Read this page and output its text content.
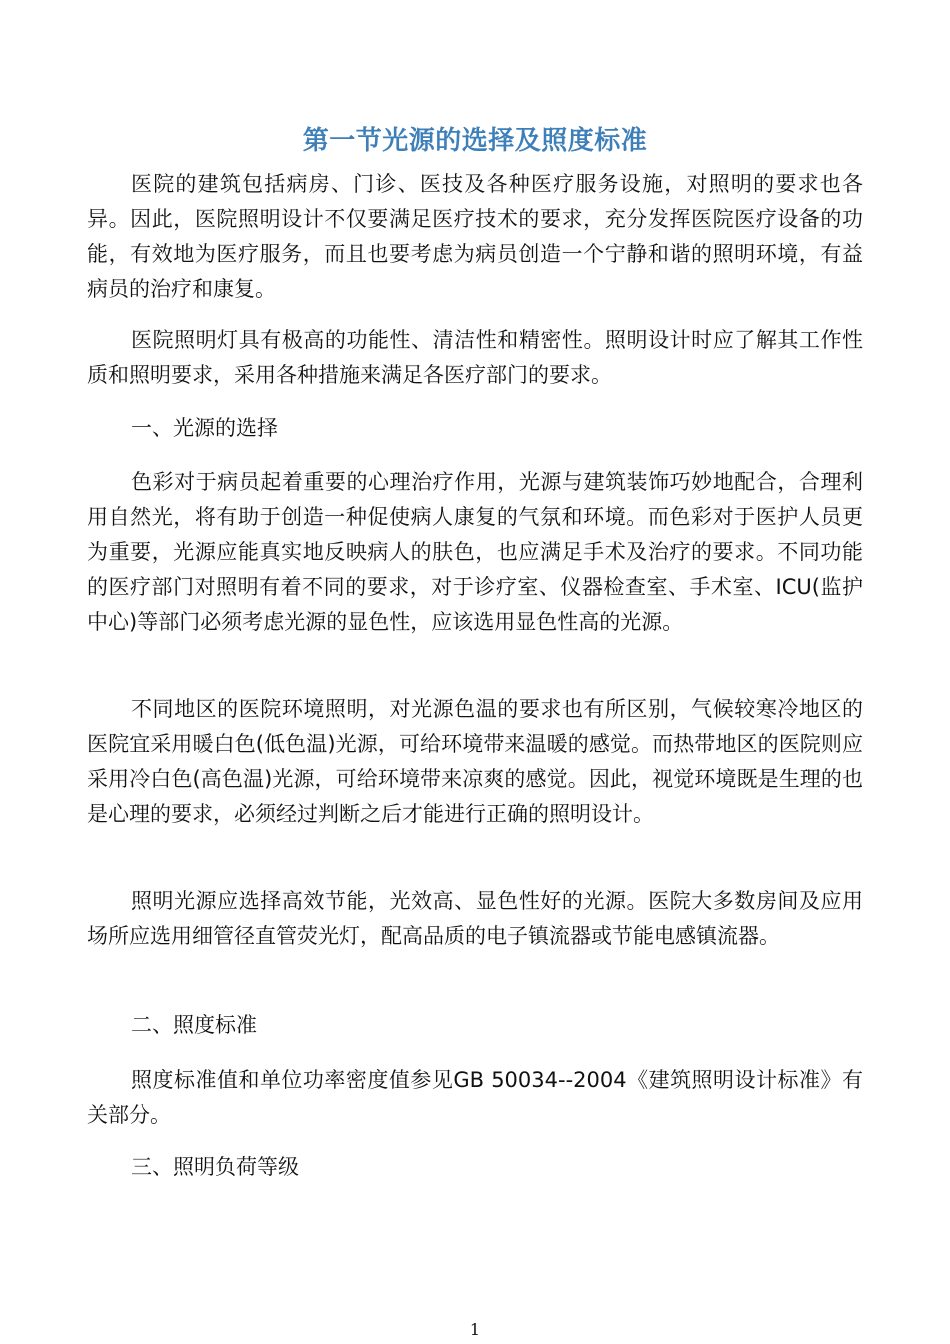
第一节光源的选择及照度标准

医院的建筑包括病房、门诊、医技及各种医疗服务设施，对照明的要求也各异。因此，医院照明设计不仅要满足医疗技术的要求，充分发挥医院医疗设备的功能，有效地为医疗服务，而且也要考虑为病员创造一个宁静和谐的照明环境，有益病员的治疗和康复。

医院照明灯具有极高的功能性、清洁性和精密性。照明设计时应了解其工作性质和照明要求，采用各种措施来满足各医疗部门的要求。

一、光源的选择

色彩对于病员起着重要的心理治疗作用，光源与建筑装饰巧妙地配合，合理利用自然光，将有助于创造一种促使病人康复的气氛和环境。而色彩对于医护人员更为重要，光源应能真实地反映病人的肤色，也应满足手术及治疗的要求。不同功能的医疗部门对照明有着不同的要求，对于诊疗室、仪器检查室、手术室、ICU(监护中心)等部门必须考虑光源的显色性，应该选用显色性高的光源。

不同地区的医院环境照明，对光源色温的要求也有所区别，气候较寒冷地区的医院宜采用暖白色(低色温)光源，可给环境带来温暖的感觉。而热带地区的医院则应采用冷白色(高色温)光源，可给环境带来凉爽的感觉。因此，视觉环境既是生理的也是心理的要求，必须经过判断之后才能进行正确的照明设计。

照明光源应选择高效节能，光效高、显色性好的光源。医院大多数房间及应用场所应选用细管径直管荧光灯，配高品质的电子镇流器或节能电感镇流器。

二、照度标准

照度标准值和单位功率密度值参见GB 50034--2004《建筑照明设计标准》有关部分。

三、照明负荷等级

1
